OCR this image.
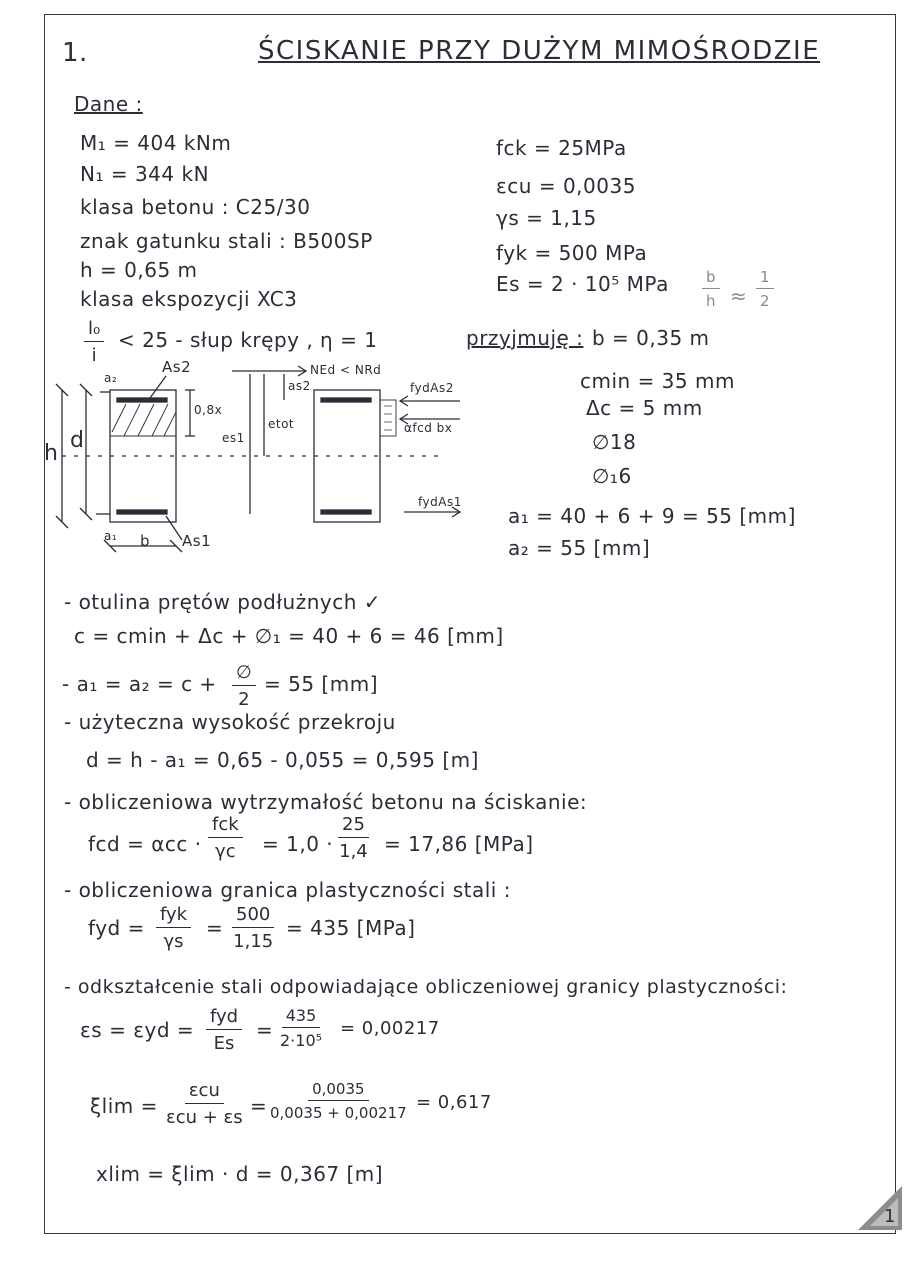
1.	ŚCISKANIE PRZY DUŻYM MIMOŚRODZIE
Dane :
M₁ = 404 kNm
N₁ = 344 kN
klasa betonu : C25/30
znak gatunku stali : B500SP
h = 0,65 m
klasa ekspozycji XC3
$\frac{\text{l₀}}{i} < 25$ - słup krępy , η = 1
fck = 25MPa
εcu = 0,0035
γs = 1,15
fyk = 500 MPa
Es = 2 · 10⁵ MPa $\frac{b}{h} \approx \frac{1}{2}$
przyjmuję : b = 0,35 m
cmin = 35 mm
Δc = 5 mm
∅18
∅₁6
a₁ = 40 + 6 + 9 = 55 [mm]
a₂ = 55 [mm]
h
d
As2
As1
a₂
a₁ b
0,8x
es1
etot
as2
NEd < NRd
fydAs2
αfcd bx
fydAs1
- otulina prętów podłużnych ✓
c = cmin + Δc + ∅₁ = 40 + 6 = 46 [mm]
- a₁ = a₂ = c + ∅
2
= 55 [mm]
- użyteczna wysokość przekroju
d = h - a₁ = 0,65 - 0,055 = 0,595 [m]
- obliczeniowa wytrzymałość betonu na ściskanie:
fcd = αcc ·
fck
$\gamma c = 1,0 \cdot \frac{25}{1,4} = 17,86$ [MPa]
- obliczeniowa granica plastyczności stali :
fyd =
fyk
γs
= $\frac{500}{1,15} = 435$ [MPa]
- odkształcenie stali odpowiadające obliczeniowej granicy plastyczności:
εs = εyd =
fyd
Es
= $\frac{435}{\text{2·10⁵}} = 0,00217$
ξlim =
εcu
$\varepsilon cu + \varepsilon s = \frac{0,0035}{0,0035 + 0,00217} = 0,617$
xlim = ξlim · d = 0,367 [m]
1
